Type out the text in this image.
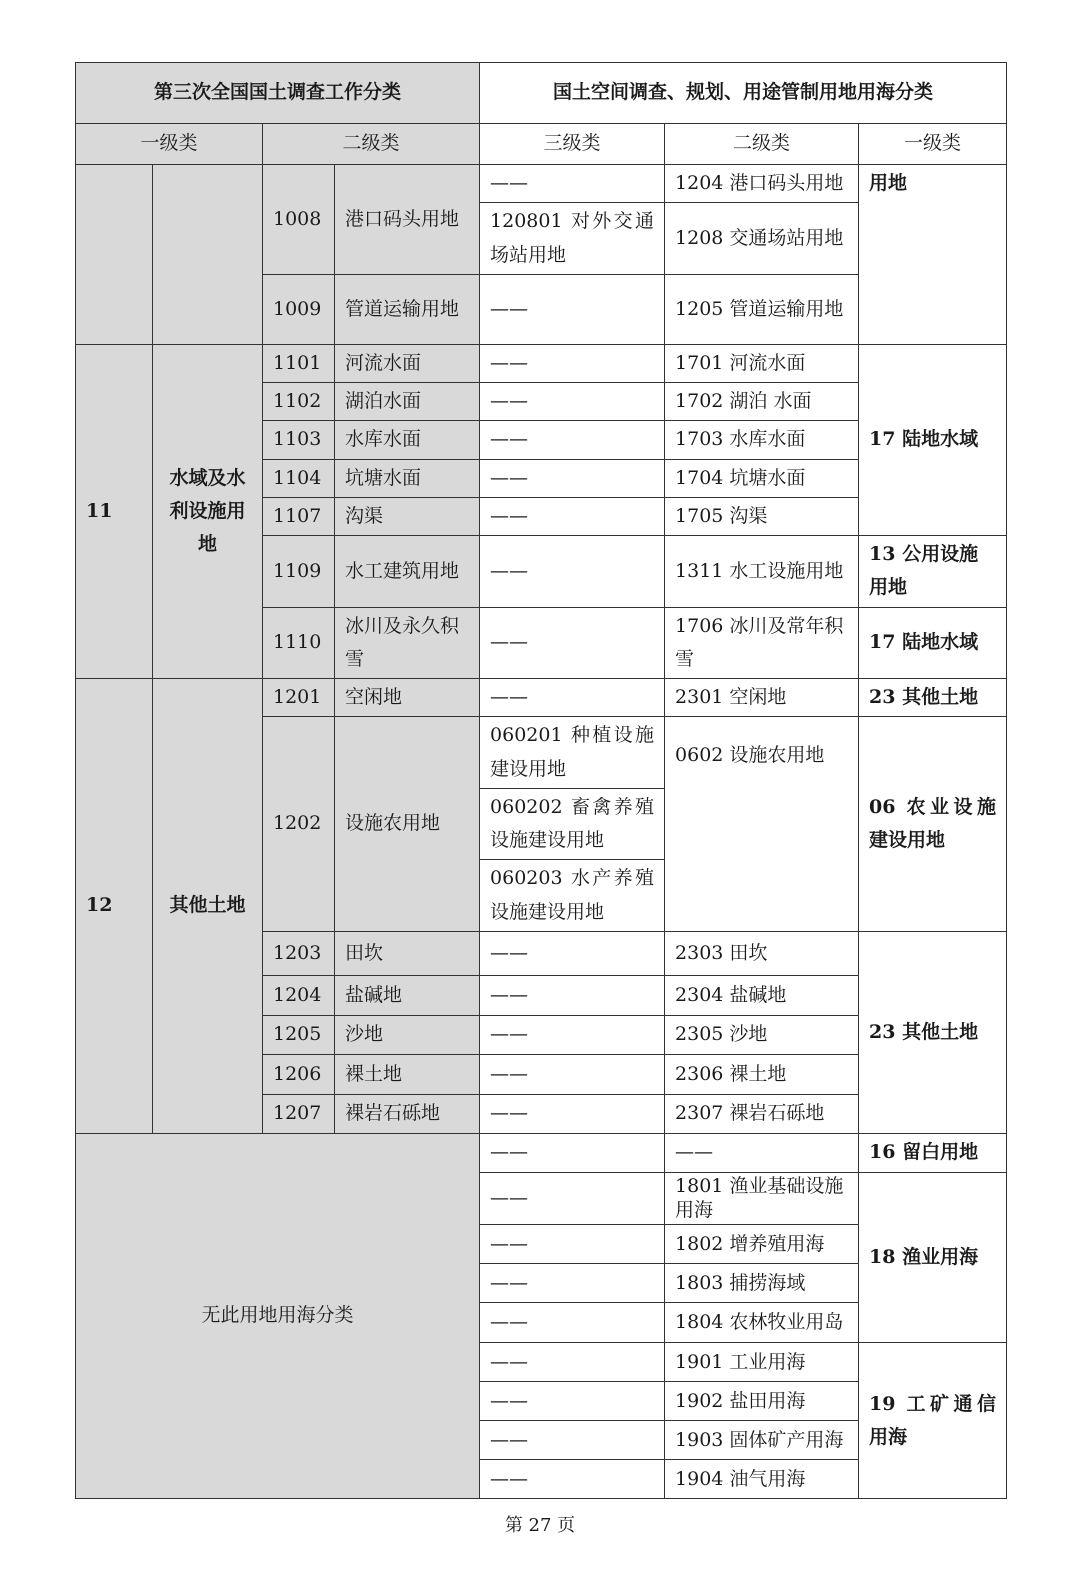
第三次全国国土调查工作分类				国土空间调查、规划、用途管制用地用海分类		
一级类		二级类		三级类	二级类	一级类
		1008	港口码头用地	——	1204 港口码头用地	用地
				120801 对外交通场站用地	1208 交通场站用地	
		1009	管道运输用地	——	1205 管道运输用地	
11	水域及水利设施用地	1101	河流水面	——	1701 河流水面	17 陆地水域
		1102	湖泊水面	——	1702 湖泊 水面	
		1103	水库水面	——	1703 水库水面	
		1104	坑塘水面	——	1704 坑塘水面	
		1107	沟渠	——	1705 沟渠	
		1109	水工建筑用地	——	1311 水工设施用地	13 公用设施用地
		1110	冰川及永久积雪	——	1706 冰川及常年积雪	17 陆地水域
12	其他土地	1201	空闲地	——	2301 空闲地	23 其他土地
		1202	设施农用地	060201 种植设施建设用地	0602 设施农用地	06 农业设施建设用地
				060202 畜禽养殖设施建设用地		
				060203 水产养殖设施建设用地		
		1203	田坎	——	2303 田坎	23 其他土地
		1204	盐碱地	——	2304 盐碱地	
		1205	沙地	——	2305 沙地	
		1206	裸土地	——	2306 裸土地	
		1207	裸岩石砾地	——	2307 裸岩石砾地	
无此用地用海分类				——	——	16 留白用地
				——	1801 渔业基础设施用海	18 渔业用海
				——	1802 增养殖用海	
				——	1803 捕捞海域	
				——	1804 农林牧业用岛	
				——	1901 工业用海	19 工矿通信用海
				——	1902 盐田用海	
				——	1903 固体矿产用海	
				——	1904 油气用海	
第 27 页
